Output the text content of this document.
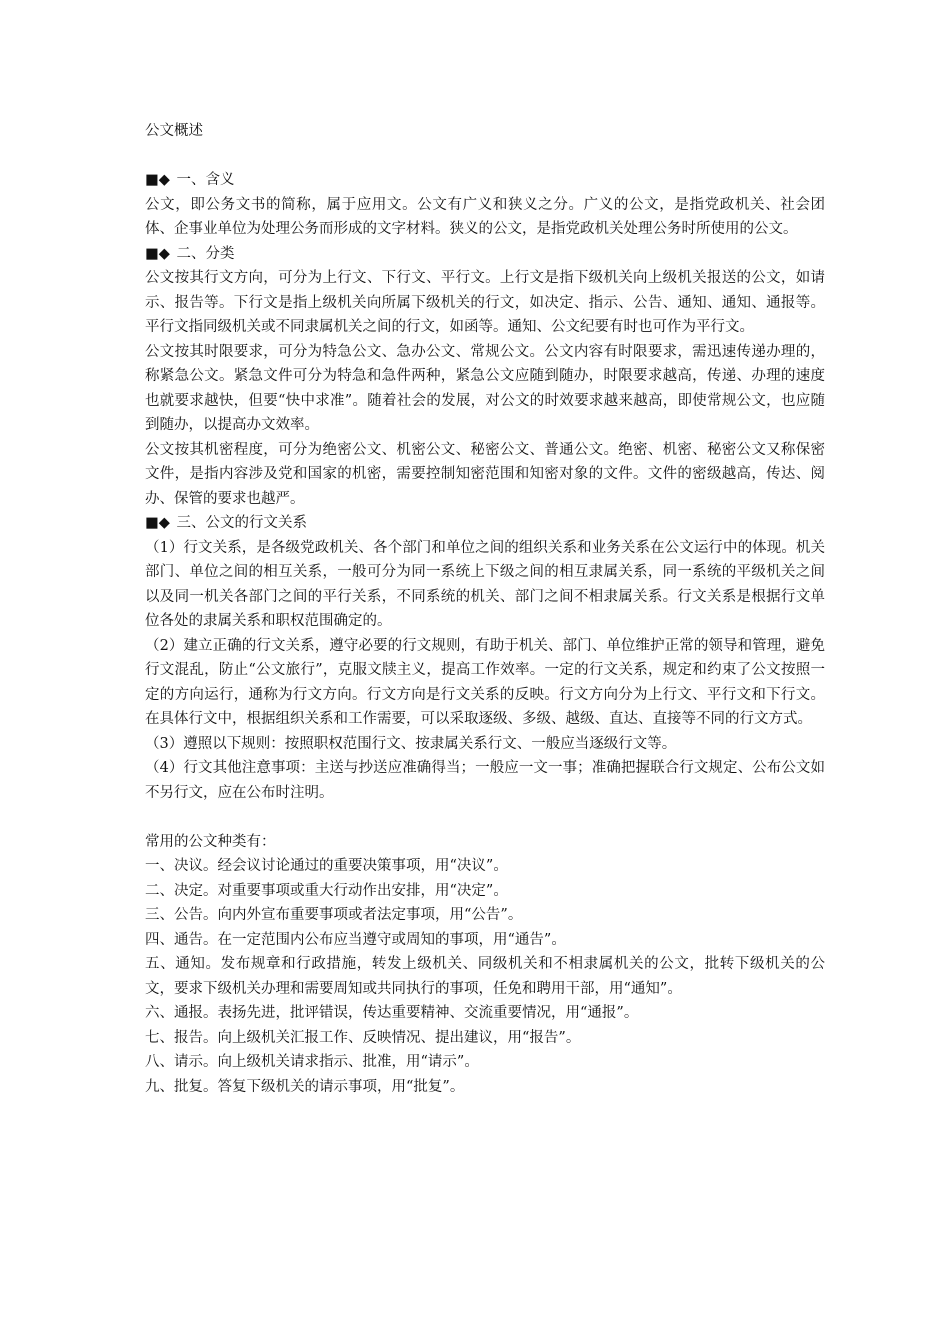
公文概述
■◆ 一、含义

公文，即公务文书的简称，属于应用文。公文有广义和狭义之分。广义的公文，是指党政机关、社会团体、企事业单位为处理公务而形成的文字材料。狭义的公文，是指党政机关处理公务时所使用的公文。

■◆ 二、分类

公文按其行文方向，可分为上行文、下行文、平行文。上行文是指下级机关向上级机关报送的公文，如请示、报告等。下行文是指上级机关向所属下级机关的行文，如决定、指示、公告、通知、通知、通报等。平行文指同级机关或不同隶属机关之间的行文，如函等。通知、公文纪要有时也可作为平行文。

公文按其时限要求，可分为特急公文、急办公文、常规公文。公文内容有时限要求，需迅速传递办理的，称紧急公文。紧急文件可分为特急和急件两种，紧急公文应随到随办，时限要求越高，传递、办理的速度也就要求越快，但要“快中求准”。随着社会的发展，对公文的时效要求越来越高，即使常规公文，也应随到随办，以提高办文效率。

公文按其机密程度，可分为绝密公文、机密公文、秘密公文、普通公文。绝密、机密、秘密公文又称保密文件，是指内容涉及党和国家的机密，需要控制知密范围和知密对象的文件。文件的密级越高，传达、阅办、保管的要求也越严。

■◆ 三、公文的行文关系

（1）行文关系，是各级党政机关、各个部门和单位之间的组织关系和业务关系在公文运行中的体现。机关部门、单位之间的相互关系，一般可分为同一系统上下级之间的相互隶属关系，同一系统的平级机关之间以及同一机关各部门之间的平行关系，不同系统的机关、部门之间不相隶属关系。行文关系是根据行文单位各处的隶属关系和职权范围确定的。

（2）建立正确的行文关系，遵守必要的行文规则，有助于机关、部门、单位维护正常的领导和管理，避免行文混乱，防止“公文旅行”，克服文牍主义，提高工作效率。一定的行文关系，规定和约束了公文按照一定的方向运行，通称为行文方向。行文方向是行文关系的反映。行文方向分为上行文、平行文和下行文。在具体行文中，根据组织关系和工作需要，可以采取逐级、多级、越级、直达、直接等不同的行文方式。

（3）遵照以下规则：按照职权范围行文、按隶属关系行文、一般应当逐级行文等。

（4）行文其他注意事项：主送与抄送应准确得当；一般应一文一事；准确把握联合行文规定、公布公文如不另行文，应在公布时注明。

常用的公文种类有：

一、决议。经会议讨论通过的重要决策事项，用“决议”。

二、决定。对重要事项或重大行动作出安排，用“决定”。

三、公告。向内外宣布重要事项或者法定事项，用“公告”。

四、通告。在一定范围内公布应当遵守或周知的事项，用“通告”。

五、通知。发布规章和行政措施，转发上级机关、同级机关和不相隶属机关的公文，批转下级机关的公文，要求下级机关办理和需要周知或共同执行的事项，任免和聘用干部，用“通知”。

六、通报。表扬先进，批评错误，传达重要精神、交流重要情况，用“通报”。

七、报告。向上级机关汇报工作、反映情况、提出建议，用“报告”。

八、请示。向上级机关请求指示、批准，用“请示”。

九、批复。答复下级机关的请示事项，用“批复”。
